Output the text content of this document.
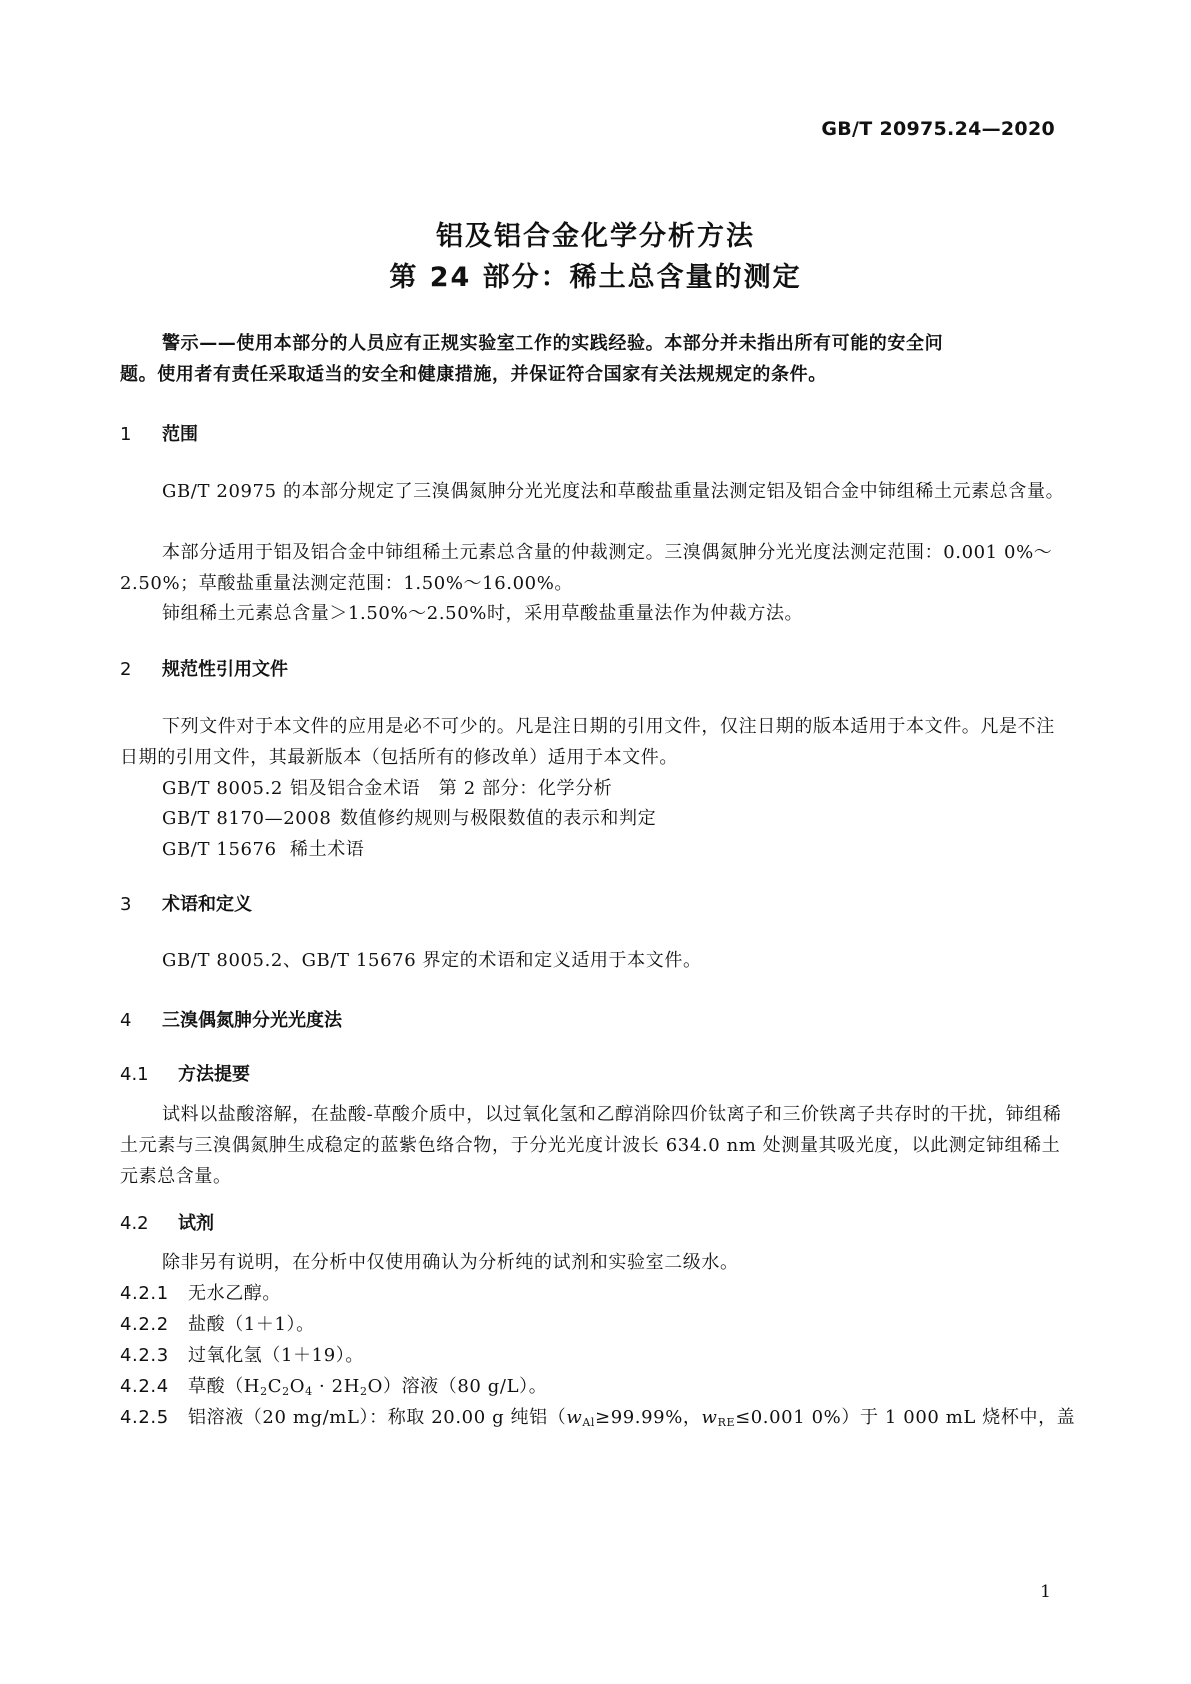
GB/T 20975.24—2020
铝及铝合金化学分析方法
第 24 部分：稀土总含量的测定
警示——使用本部分的人员应有正规实验室工作的实践经验。本部分并未指出所有可能的安全问
题。使用者有责任采取适当的安全和健康措施，并保证符合国家有关法规规定的条件。
1 范围
GB/T 20975 的本部分规定了三溴偶氮胂分光光度法和草酸盐重量法测定铝及铝合金中铈组稀土元素总含量。
本部分适用于铝及铝合金中铈组稀土元素总含量的仲裁测定。三溴偶氮胂分光光度法测定范围：0.001 0%～2.50%；草酸盐重量法测定范围：1.50%～16.00%。
铈组稀土元素总含量＞1.50%～2.50%时，采用草酸盐重量法作为仲裁方法。
2 规范性引用文件
下列文件对于本文件的应用是必不可少的。凡是注日期的引用文件，仅注日期的版本适用于本文件。凡是不注日期的引用文件，其最新版本（包括所有的修改单）适用于本文件。
GB/T 8005.2 铝及铝合金术语　第 2 部分：化学分析
GB/T 8170—2008 数值修约规则与极限数值的表示和判定
GB/T 15676 稀土术语
3 术语和定义
GB/T 8005.2、GB/T 15676 界定的术语和定义适用于本文件。
4 三溴偶氮胂分光光度法
4.1 方法提要
试料以盐酸溶解，在盐酸-草酸介质中，以过氧化氢和乙醇消除四价钛离子和三价铁离子共存时的干扰，铈组稀土元素与三溴偶氮胂生成稳定的蓝紫色络合物，于分光光度计波长 634.0 nm 处测量其吸光度，以此测定铈组稀土元素总含量。
4.2 试剂
除非另有说明，在分析中仅使用确认为分析纯的试剂和实验室二级水。
4.2.1 无水乙醇。
4.2.2 盐酸（1＋1）。
4.2.3 过氧化氢（1＋19）。
4.2.4 草酸$(H_2C_2O_4 \cdot 2H_2O)$溶液（80 g/L）。
4.2.5 铝溶液（20 mg/mL）：称取 20.00 g 纯铝（$w_{Al}\ge 99.99\%$，$w_{RE}\le 0.001$ 0%）于 1 000 mL 烧杯中，盖
1
